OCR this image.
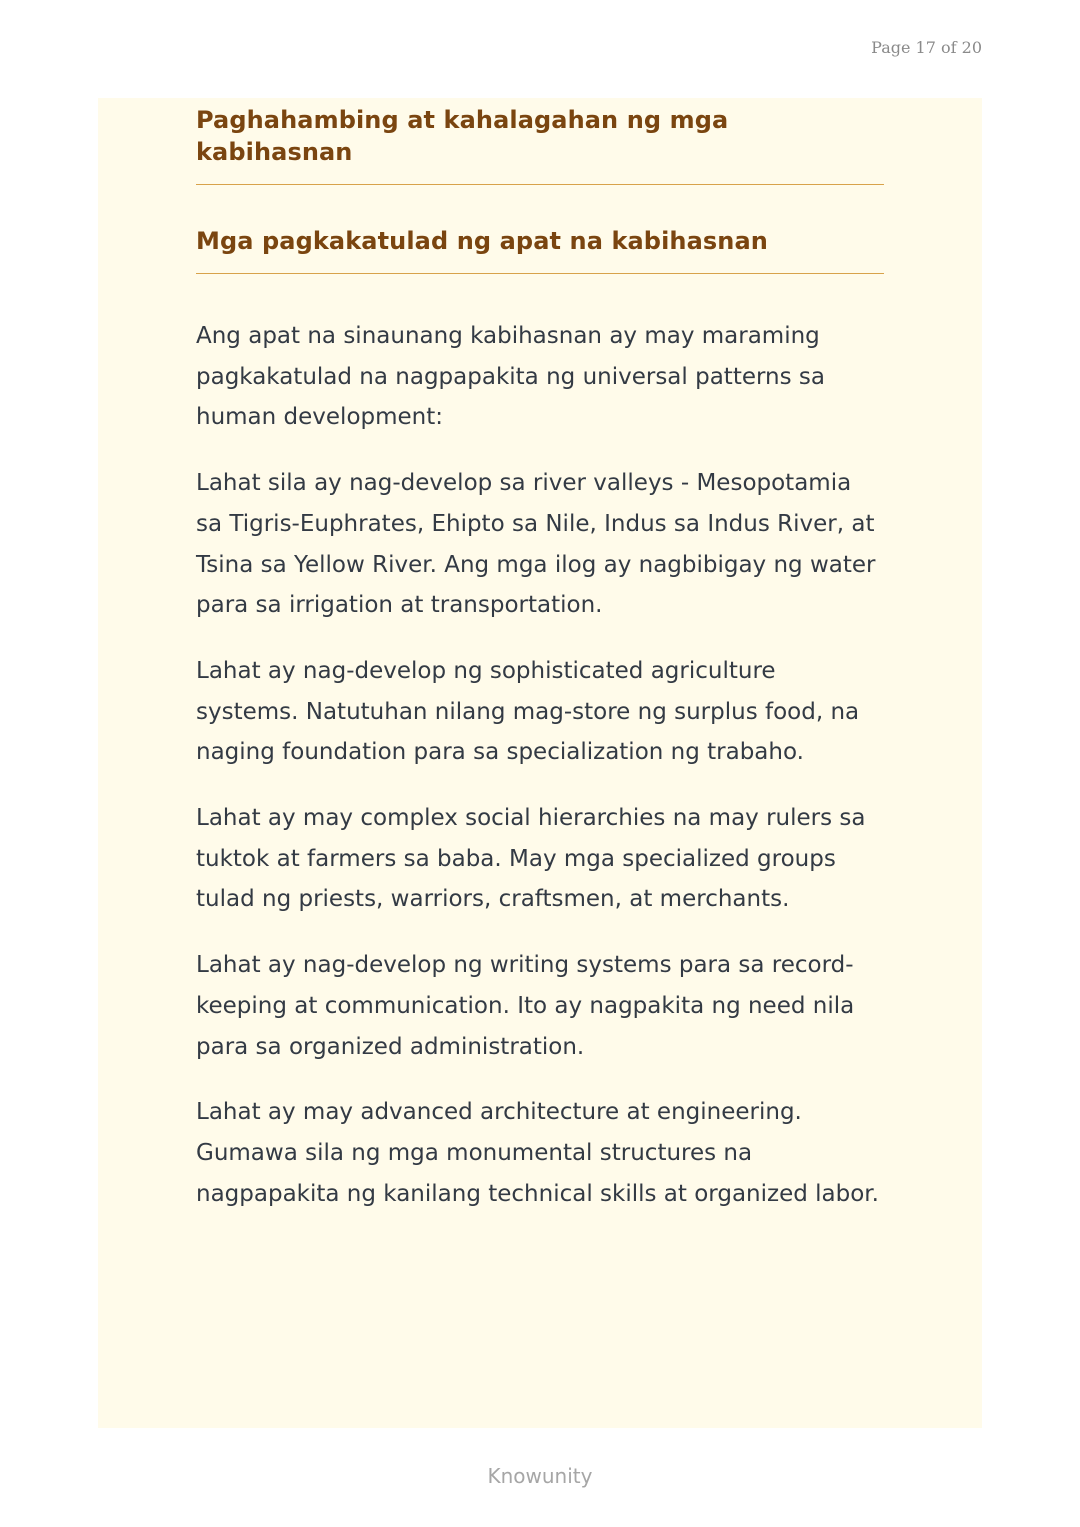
Page 17 of 20
Paghahambing at kahalagahan ng mga kabihasnan
Mga pagkakatulad ng apat na kabihasnan

Ang apat na sinaunang kabihasnan ay may maraming pagkakatulad na nagpapakita ng universal patterns sa human development:

Lahat sila ay nag-develop sa river valleys - Mesopotamia sa Tigris-Euphrates, Ehipto sa Nile, Indus sa Indus River, at Tsina sa Yellow River. Ang mga ilog ay nagbibigay ng water para sa irrigation at transportation.

Lahat ay nag-develop ng sophisticated agriculture systems. Natutuhan nilang mag-store ng surplus food, na naging foundation para sa specialization ng trabaho.

Lahat ay may complex social hierarchies na may rulers sa tuktok at farmers sa baba. May mga specialized groups tulad ng priests, warriors, craftsmen, at merchants.

Lahat ay nag-develop ng writing systems para sa record-keeping at communication. Ito ay nagpakita ng need nila para sa organized administration.

Lahat ay may advanced architecture at engineering. Gumawa sila ng mga monumental structures na nagpapakita ng kanilang technical skills at organized labor.

Knowunity
